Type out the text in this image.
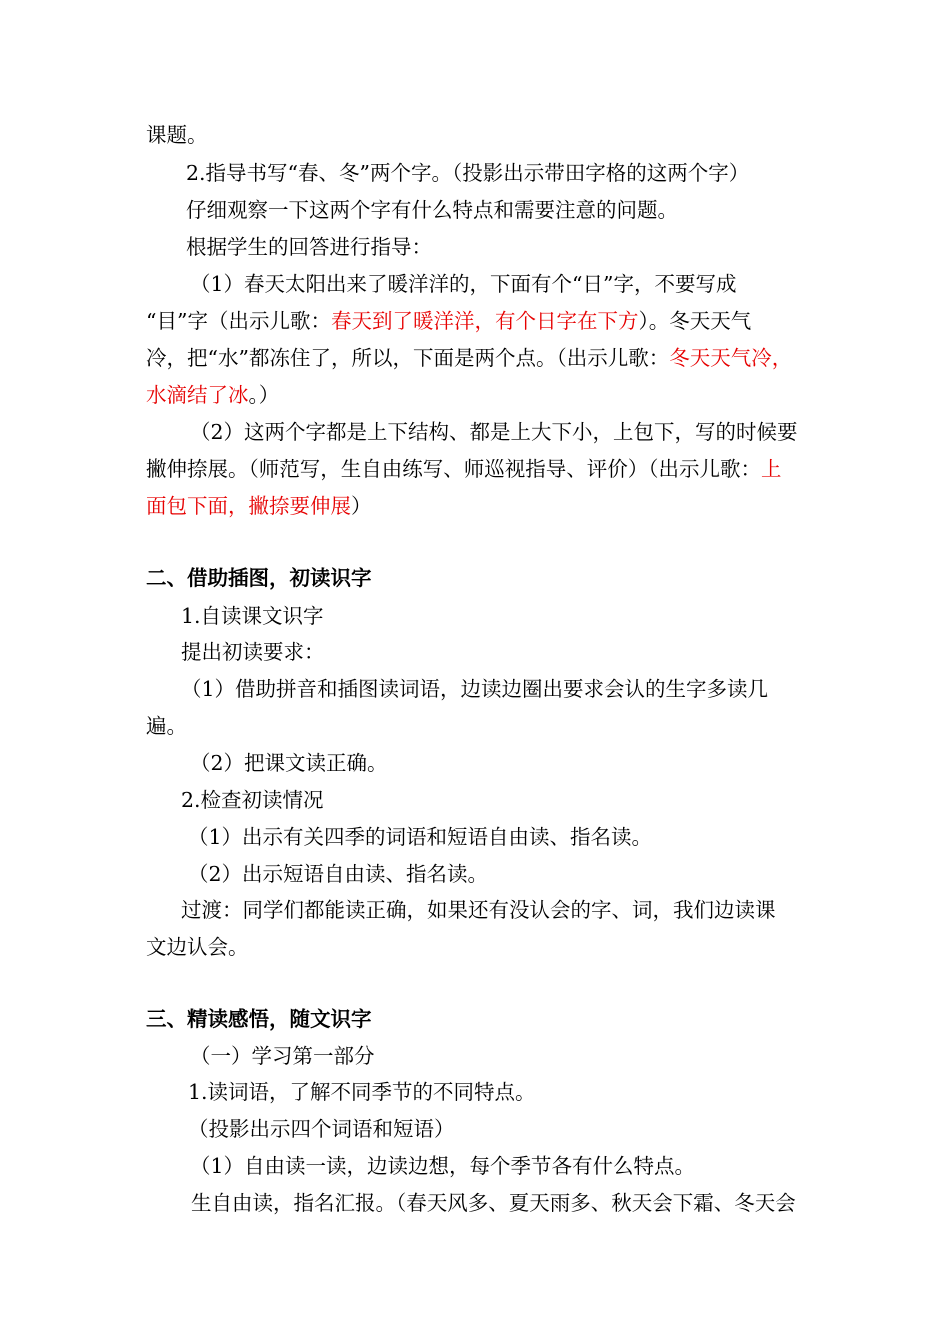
课题。
2.指导书写“春、冬”两个字。（投影出示带田字格的这两个字）
仔细观察一下这两个字有什么特点和需要注意的问题。
根据学生的回答进行指导：
（1）春天太阳出来了暖洋洋的，下面有个“日”字，不要写成
“目”字（出示儿歌：春天到了暖洋洋，有个日字在下方）。冬天天气
冷，把“水”都冻住了，所以，下面是两个点。（出示儿歌：冬天天气冷，
水滴结了冰。）
（2）这两个字都是上下结构、都是上大下小，上包下，写的时候要
撇伸捺展。（师范写，生自由练写、师巡视指导、评价）（出示儿歌：上
面包下面，撇捺要伸展）
二、借助插图，初读识字
1.自读课文识字
提出初读要求：
（1）借助拼音和插图读词语，边读边圈出要求会认的生字多读几
遍。
（2）把课文读正确。
2.检查初读情况
（1）出示有关四季的词语和短语自由读、指名读。
（2）出示短语自由读、指名读。
过渡：同学们都能读正确，如果还有没认会的字、词，我们边读课
文边认会。
三、精读感悟，随文识字
（一）学习第一部分
1.读词语，了解不同季节的不同特点。
（投影出示四个词语和短语）
（1）自由读一读，边读边想，每个季节各有什么特点。
生自由读，指名汇报。（春天风多、夏天雨多、秋天会下霜、冬天会
